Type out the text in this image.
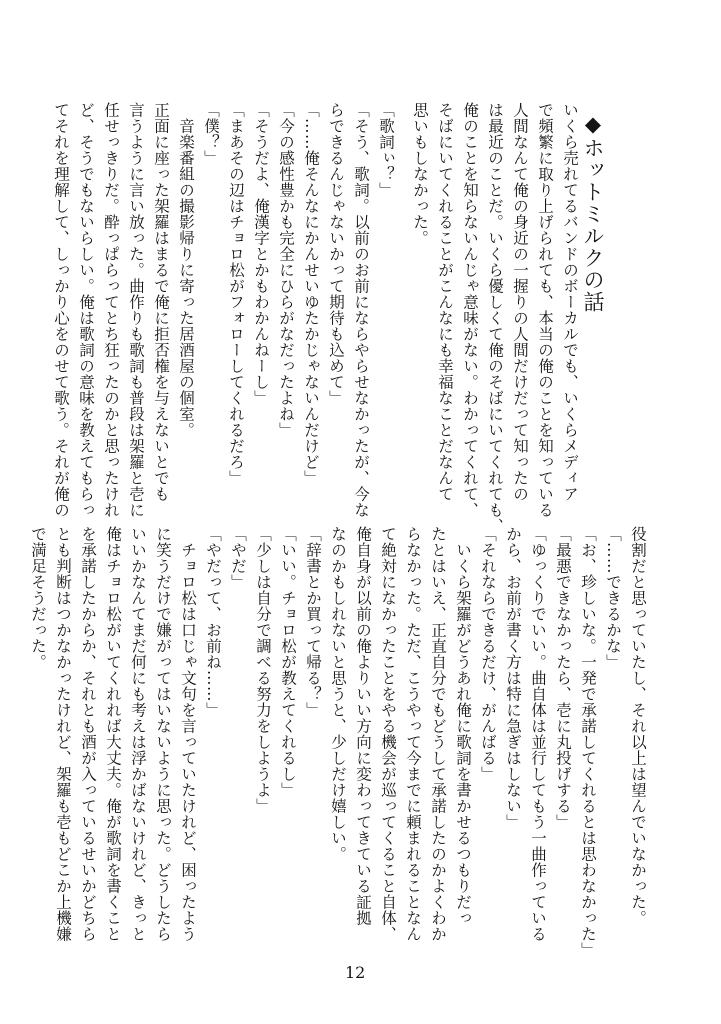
◆ホットミルクの話
いくら売れてるバンドのボーカルでも、いくらメディア
で頻繁に取り上げられても、本当の俺のことを知っている
人間なんて俺の身近の一握りの人間だけだって知ったの
は最近のことだ。いくら優しくて俺のそばにいてくれても、
俺のことを知らないんじゃ意味がない。わかってくれて、
そばにいてくれることがこんなにも幸福なことだなんて
思いもしなかった。
「歌詞ぃ？」
「そう、歌詞。以前のお前にならやらせなかったが、今な
らできるんじゃないかって期待も込めて」
「……俺そんなにかんせいゆたかじゃないんだけど」
「今の感性豊かも完全にひらがなだったよね」
「そうだよ、俺漢字とかもわかんねーし」
「まあその辺はチョロ松がフォローしてくれるだろ」
「僕？」
　音楽番組の撮影帰りに寄った居酒屋の個室。
正面に座った架羅はまるで俺に拒否権を与えないとでも
言うように言い放った。曲作りも歌詞も普段は架羅と壱に
任せっきりだ。酔っぱらってとち狂ったのかと思ったけれ
ど、そうでもないらしい。俺は歌詞の意味を教えてもらっ
てそれを理解して、しっかり心をのせて歌う。それが俺の
役割だと思っていたし、それ以上は望んでいなかった。
「……できるかな」
「お、珍しいな。一発で承諾してくれるとは思わなかった」
「最悪できなかったら、壱に丸投げする」
「ゆっくりでいい。曲自体は並行してもう一曲作っている
から、お前が書く方は特に急ぎはしない」
「それならできるだけ、がんばる」
　いくら架羅がどうあれ俺に歌詞を書かせるつもりだっ
たとはいえ、正直自分でもどうして承諾したのかよくわか
らなかった。ただ、こうやって今までに頼まれることなん
て絶対になかったことをやる機会が巡ってくること自体、
俺自身が以前の俺よりいい方向に変わってきている証拠
なのかもしれないと思うと、少しだけ嬉しい。
「辞書とか買って帰る？」
「いい。チョロ松が教えてくれるし」
「少しは自分で調べる努力をしようよ」
「やだ」
「やだって、お前ね……」
　チョロ松は口じゃ文句を言っていたけれど、困ったよう
に笑うだけで嫌がってはいないように思った。どうしたら
いいかなんてまだ何にも考えは浮かばないけれど、きっと
俺はチョロ松がいてくれれば大丈夫。俺が歌詞を書くこと
を承諾したからか、それとも酒が入っているせいかどちら
とも判断はつかなかったけれど、架羅も壱もどこか上機嫌
で満足そうだった。
12
